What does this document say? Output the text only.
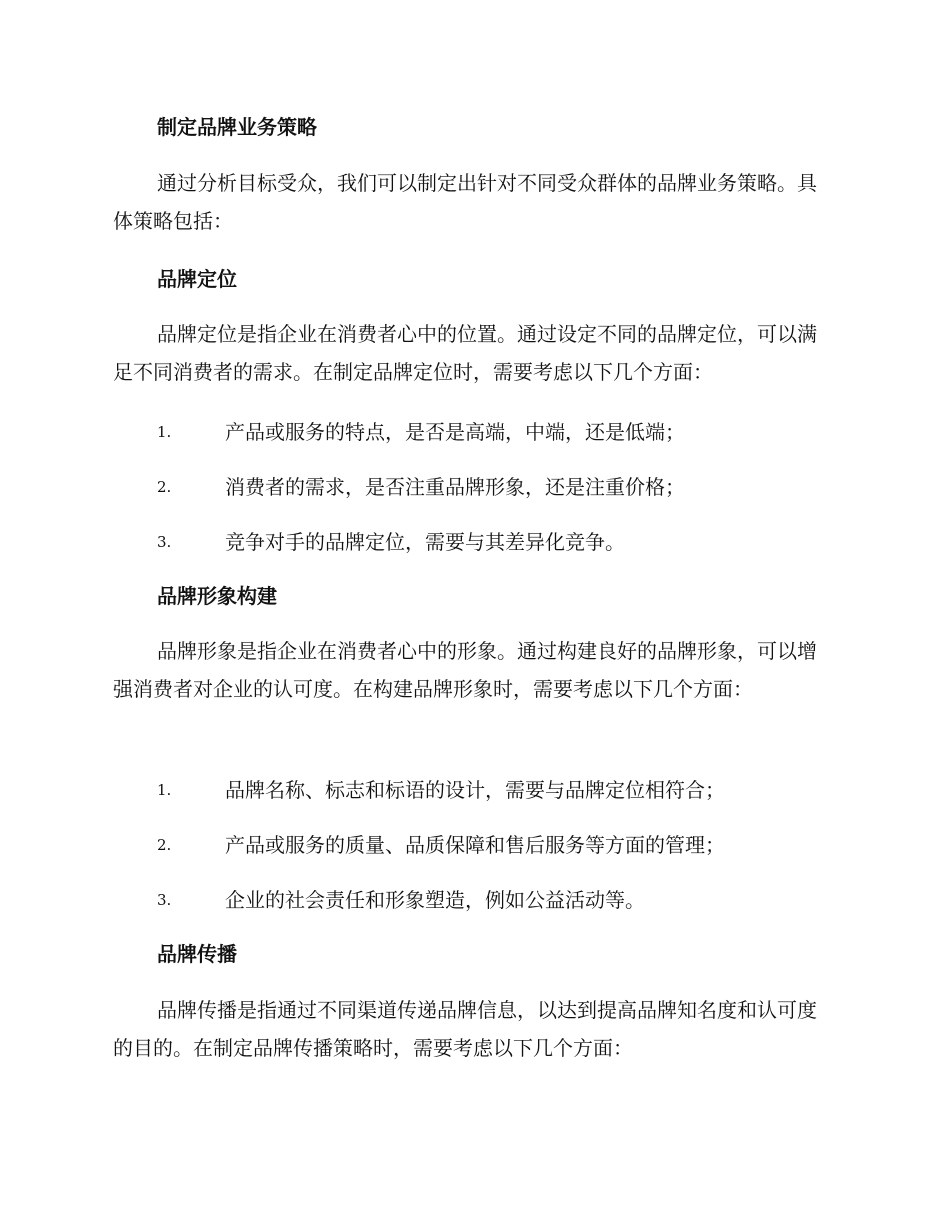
制定品牌业务策略
通过分析目标受众，我们可以制定出针对不同受众群体的品牌业务策略。具体策略包括：
品牌定位
品牌定位是指企业在消费者心中的位置。通过设定不同的品牌定位，可以满足不同消费者的需求。在制定品牌定位时，需要考虑以下几个方面：
1.	产品或服务的特点，是否是高端，中端，还是低端；
2.	消费者的需求，是否注重品牌形象，还是注重价格；
3.	竞争对手的品牌定位，需要与其差异化竞争。
品牌形象构建
品牌形象是指企业在消费者心中的形象。通过构建良好的品牌形象，可以增强消费者对企业的认可度。在构建品牌形象时，需要考虑以下几个方面：
1.	品牌名称、标志和标语的设计，需要与品牌定位相符合；
2.	产品或服务的质量、品质保障和售后服务等方面的管理；
3.	企业的社会责任和形象塑造，例如公益活动等。
品牌传播
品牌传播是指通过不同渠道传递品牌信息，以达到提高品牌知名度和认可度的目的。在制定品牌传播策略时，需要考虑以下几个方面：
